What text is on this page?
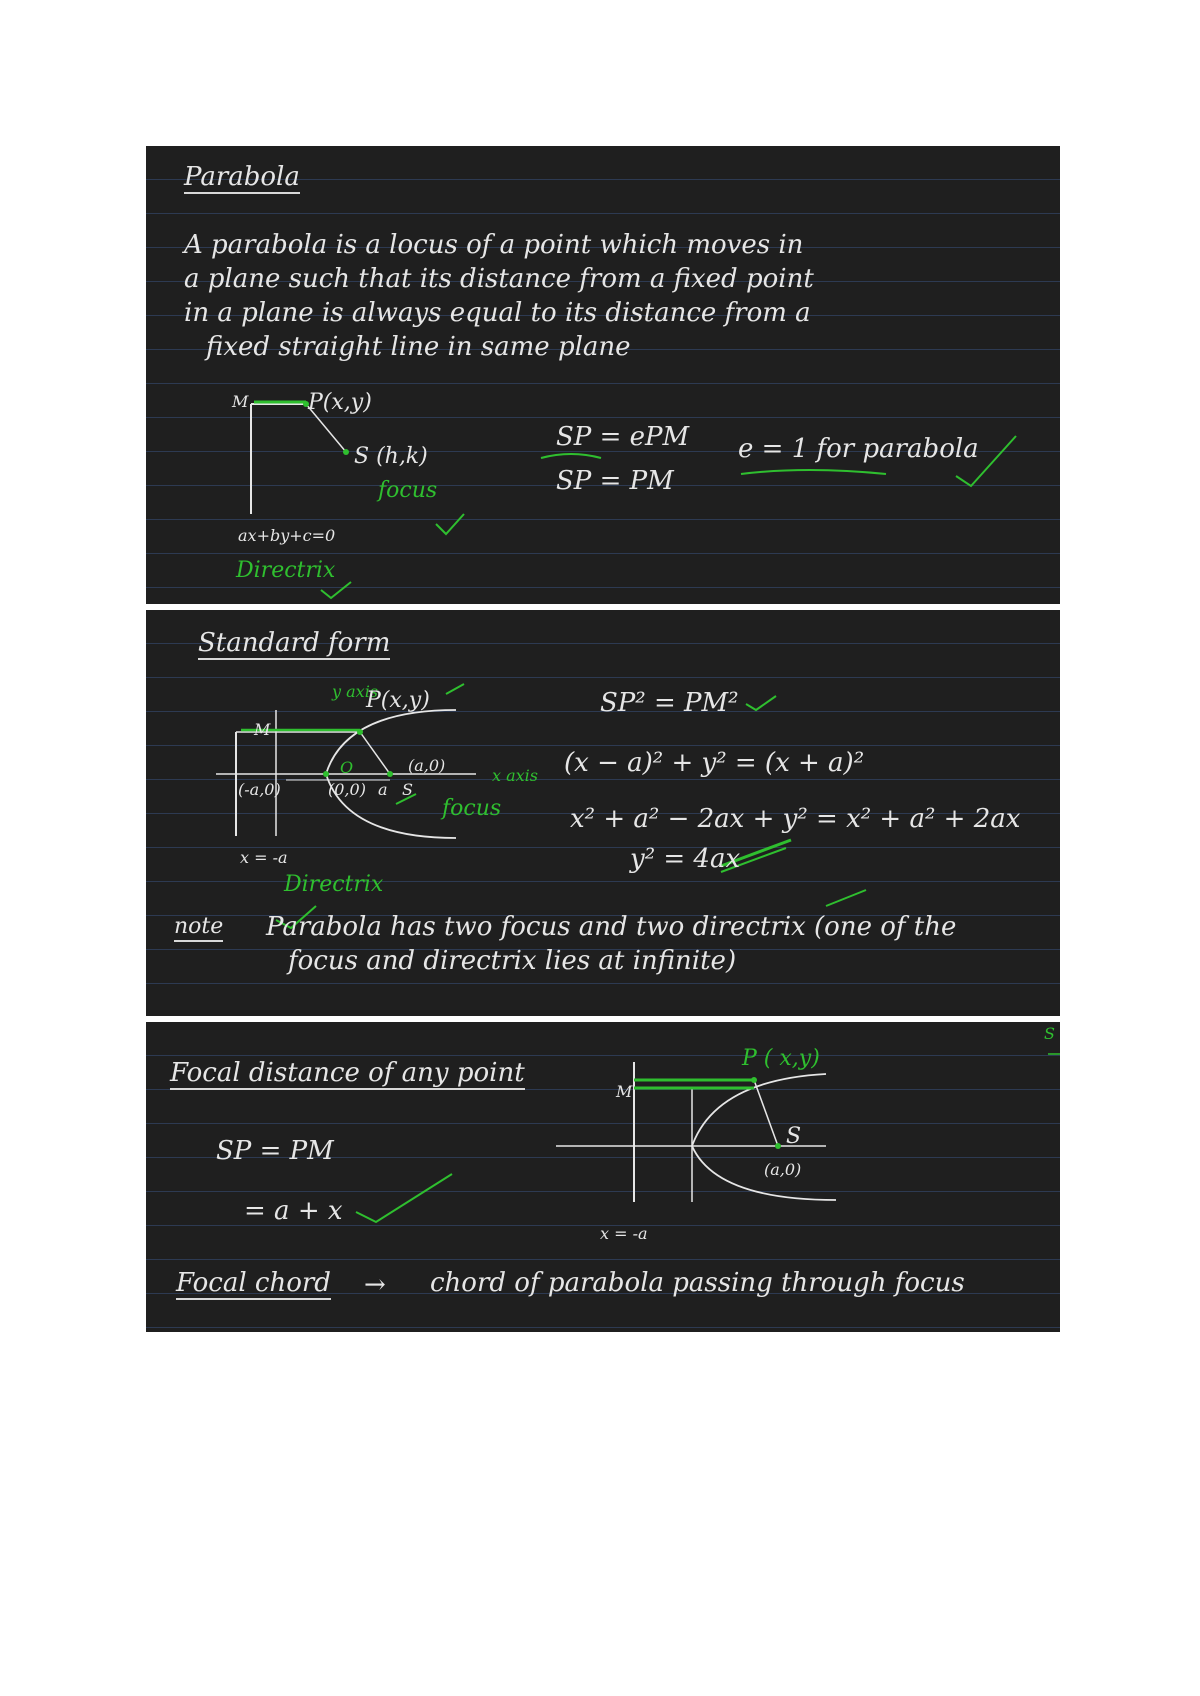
Parabola
A parabola is a locus of a point which moves in
a plane such that its distance from a fixed point
in a plane is always equal to its distance from a
fixed straight line in same plane
M	P(x,y)
S (h,k)
focus
ax+by+c=0
Directrix
SP = ePM
SP = PM
e = 1 for parabola
Standard form
y axis
P(x,y)
M
O	(a,0)
(-a,0)	(0,0) a S
x axis
focus
x = -a
Directrix
SP² = PM²
(x − a)² + y² = (x + a)²
x² + a² − 2ax + y² = x² + a² + 2ax
y² = 4ax
note Parabola has two focus and two directrix (one of the
focus and directrix lies at infinite)
Focal distance of any point
SP = PM
= a + x
P ( x,y)
M
S
(a,0)
x = -a
Focal chord → chord of parabola passing through focus
S
